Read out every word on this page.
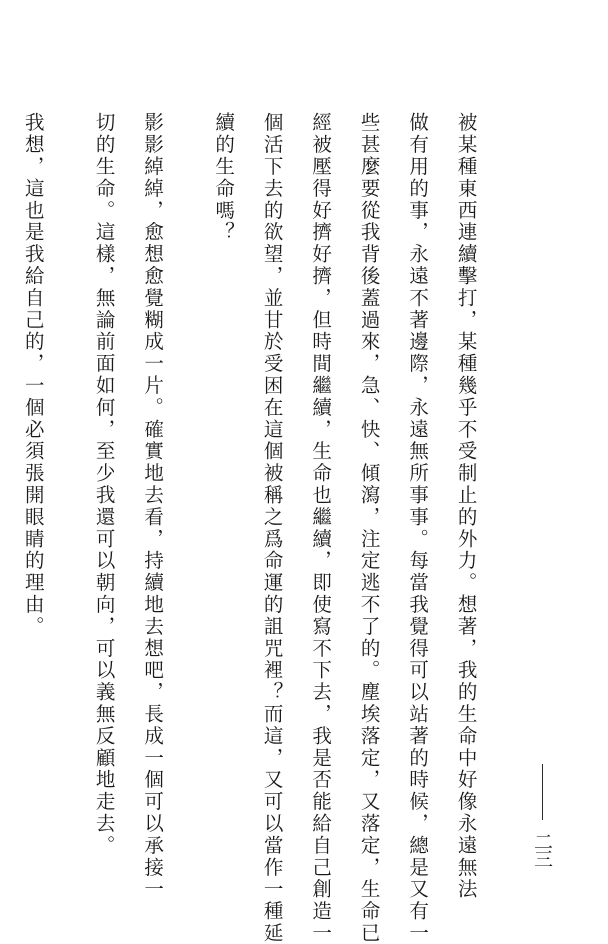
被某種東西連續擊打，某種幾乎不受制止的外力。想著，我的生命中好像永遠無法
做有用的事，永遠不著邊際，永遠無所事事。每當我覺得可以站著的時候，總是又有一
些甚麼要從我背後蓋過來，急、快、傾瀉，注定逃不了的。塵埃落定，又落定，生命已
經被壓得好擠好擠，但時間繼續，生命也繼續，即使寫不下去，我是否能給自己創造一
個活下去的欲望，並甘於受困在這個被稱之爲命運的詛咒裡？而這，又可以當作一種延
續的生命嗎？
影影綽綽，愈想愈覺糊成一片。確實地去看，持續地去想吧，長成一個可以承接一
切的生命。這樣，無論前面如何，至少我還可以朝向，可以義無反顧地走去。
我想，這也是我給自己的，一個必須張開眼睛的理由。
二三
